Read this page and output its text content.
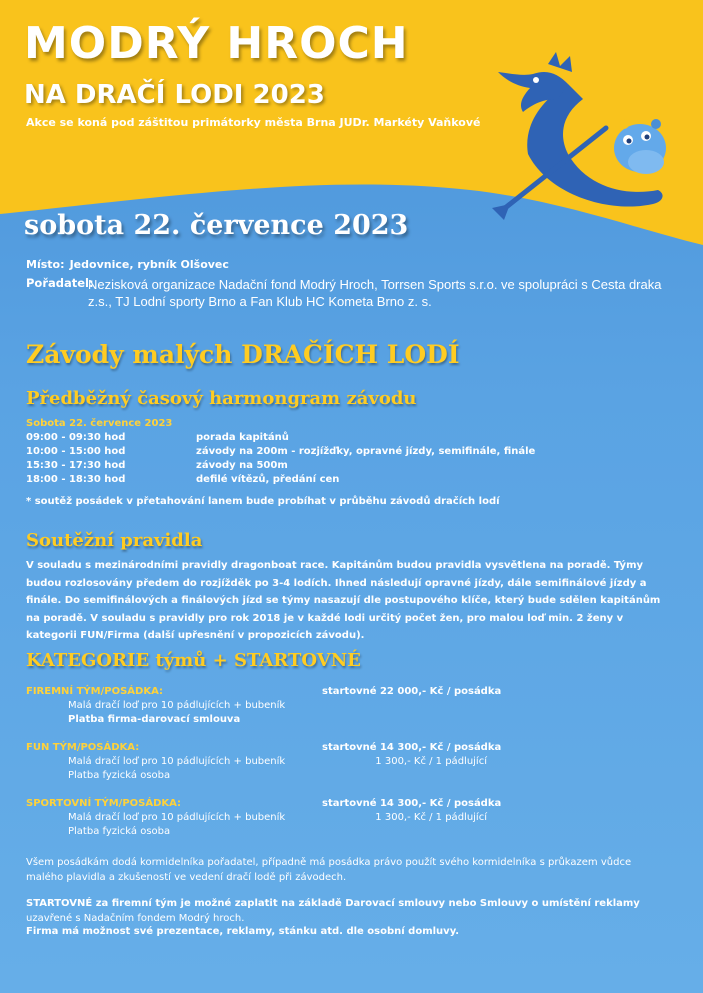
MODRÝ HROCH
NA DRAČÍ LODI 2023
Akce se koná pod záštitou primátorky města Brna JUDr. Markéty Vaňkové
sobota 22. července 2023
Místo: Jedovnice, rybník Olšovec
Pořadatel:
Nezisková organizace Nadační fond Modrý Hroch, Torrsen Sports s.r.o. ve spolupráci s Cesta draka z.s., TJ Lodní sporty Brno a Fan Klub HC Kometa Brno z. s.
Závody malých DRAČÍCH LODÍ
Předběžný časový harmongram závodu
Sobota 22. července 2023
09:00 - 09:30 hod	porada kapitánů
10:00 - 15:00 hod	závody na 200m - rozjížďky, opravné jízdy, semifinále, finále
15:30 - 17:30 hod	závody na 500m
18:00 - 18:30 hod	defilé vítězů, předání cen
* soutěž posádek v přetahování lanem bude probíhat v průběhu závodů dračích lodí
Soutěžní pravidla
V souladu s mezinárodními pravidly dragonboat race. Kapitánům budou pravidla vysvětlena na poradě. Týmy budou rozlosovány předem do rozjížděk po 3-4 lodích. Ihned následují opravné jízdy, dále semifinálové jízdy a finále. Do semifinálových a finálových jízd se týmy nasazují dle postupového klíče, který bude sdělen kapitánům na poradě. V souladu s pravidly pro rok 2018 je v každé lodi určitý počet žen, pro malou loď min. 2 ženy v kategorii FUN/Firma (další upřesnění v propozicích závodu).
KATEGORIE týmů + STARTOVNÉ
FIREMNÍ TÝM/POSÁDKA:
Malá dračí loď pro 10 pádlujících + bubeník
Platba firma-darovací smlouva
startovné 22 000,- Kč / posádka
FUN TÝM/POSÁDKA:
Malá dračí loď pro 10 pádlujících + bubeník
Platba fyzická osoba
startovné 14 300,- Kč / posádka
1 300,- Kč / 1 pádlující
SPORTOVNÍ TÝM/POSÁDKA:
Malá dračí loď pro 10 pádlujících + bubeník
Platba fyzická osoba
startovné 14 300,- Kč / posádka
1 300,- Kč / 1 pádlující
Všem posádkám dodá kormidelníka pořadatel, případně má posádka právo použít svého kormidelníka s průkazem vůdce malého plavidla a zkušeností ve vedení dračí lodě při závodech.
STARTOVNÉ za firemní tým je možné zaplatit na základě Darovací smlouvy nebo Smlouvy o umístění reklamy uzavřené s Nadačním fondem Modrý hroch.
Firma má možnost své prezentace, reklamy, stánku atd. dle osobní domluvy.
